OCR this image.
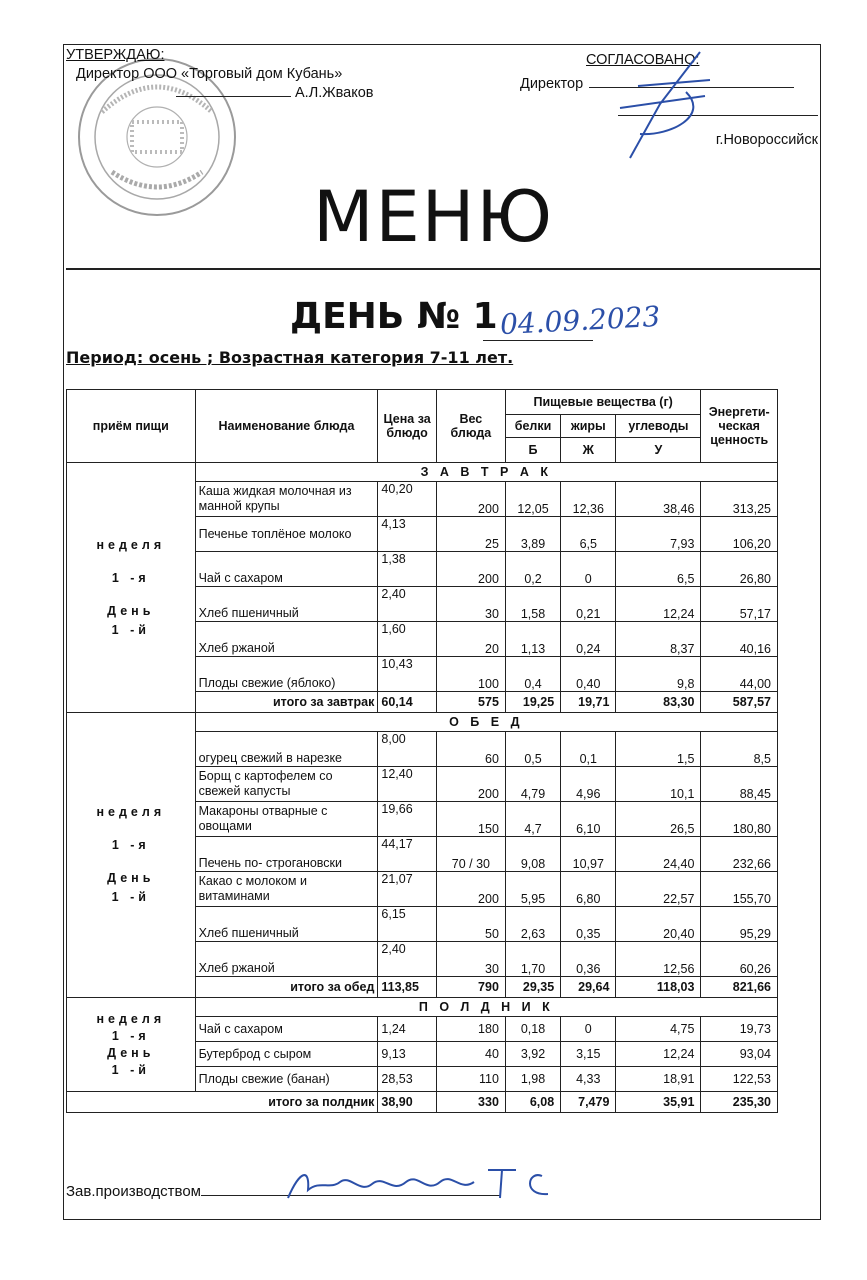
УТВЕРЖДАЮ:
Директор ООО «Торговый дом Кубань»
А.Л.Жваков
СОГЛАСОВАНО:
Директор
г.Новороссийск
МЕНЮ
ДЕНЬ № 1 04.09.2023
Период: осень ; Возрастная категория 7-11 лет.
приём пищи	Наименование блюда	Цена за блюдо	Вес блюда	Пищевые вещества (г)			Энергети-ческая ценность
				белки	жиры	углеводы	
				Б	Ж	У	

неделя
1 -я
День
1 -й	З А В Т Р А К						
	Каша жидкая молочная из манной крупы	40,20	200	12,05	12,36	38,46	313,25
	Печенье топлёное молоко	4,13	25	3,89	6,5	7,93	106,20
	Чай с сахаром	1,38	200	0,2	0	6,5	26,80
	Хлеб пшеничный	2,40	30	1,58	0,21	12,24	57,17
	Хлеб ржаной	1,60	20	1,13	0,24	8,37	40,16
	Плоды свежие (яблоко)	10,43	100	0,4	0,40	9,8	44,00
	итого за завтрак	60,14	575	19,25	19,71	83,30	587,57

неделя
1 -я
День
1 -й	О Б Е Д						
	огурец свежий в нарезке	8,00	60	0,5	0,1	1,5	8,5
	Борщ с картофелем со свежей капусты	12,40	200	4,79	4,96	10,1	88,45
	Макароны отварные с овощами	19,66	150	4,7	6,10	26,5	180,80
	Печень по- строгановски	44,17	70 / 30	9,08	10,97	24,40	232,66
	Какао с молоком и витаминами	21,07	200	5,95	6,80	22,57	155,70
	Хлеб пшеничный	6,15	50	2,63	0,35	20,40	95,29
	Хлеб ржаной	2,40	30	1,70	0,36	12,56	60,26
	итого за обед	113,85	790	29,35	29,64	118,03	821,66

неделя
1 -я
День
1 -й	П О Л Д Н И К						
	Чай с сахаром	1,24	180	0,18	0	4,75	19,73
	Бутерброд с сыром	9,13	40	3,92	3,15	12,24	93,04
	Плоды свежие (банан)	28,53	110	1,98	4,33	18,91	122,53
итого за полдник		38,90	330	6,08	7,479	35,91	235,30
Зав.производством
